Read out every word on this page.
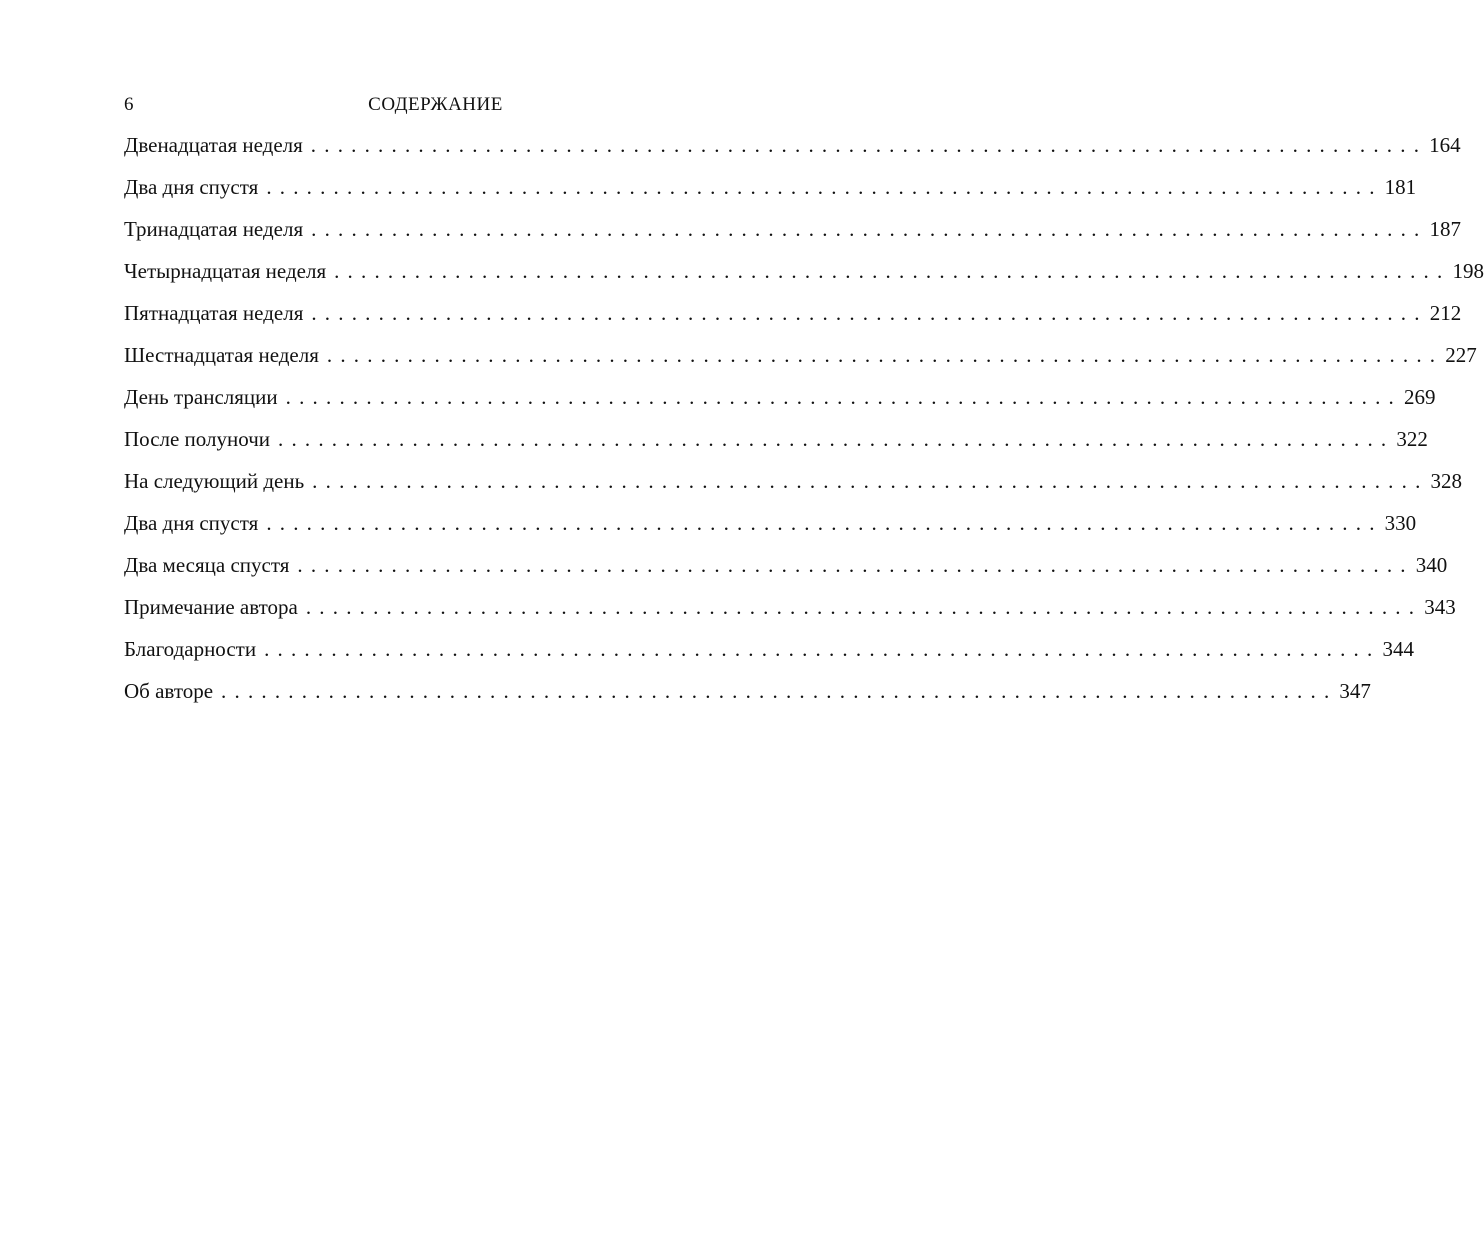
6	СОДЕРЖАНИЕ
Двенадцатая неделя ................................................................................... 164
Два дня спустя ................................................................................... 181
Тринадцатая неделя ................................................................................... 187
Четырнадцатая неделя ................................................................................... 198
Пятнадцатая неделя ................................................................................... 212
Шестнадцатая неделя ................................................................................... 227
День трансляции ................................................................................... 269
После полуночи ................................................................................... 322
На следующий день ................................................................................... 328
Два дня спустя ................................................................................... 330
Два месяца спустя ................................................................................... 340
Примечание автора ................................................................................... 343
Благодарности ................................................................................... 344
Об авторе ................................................................................... 347
